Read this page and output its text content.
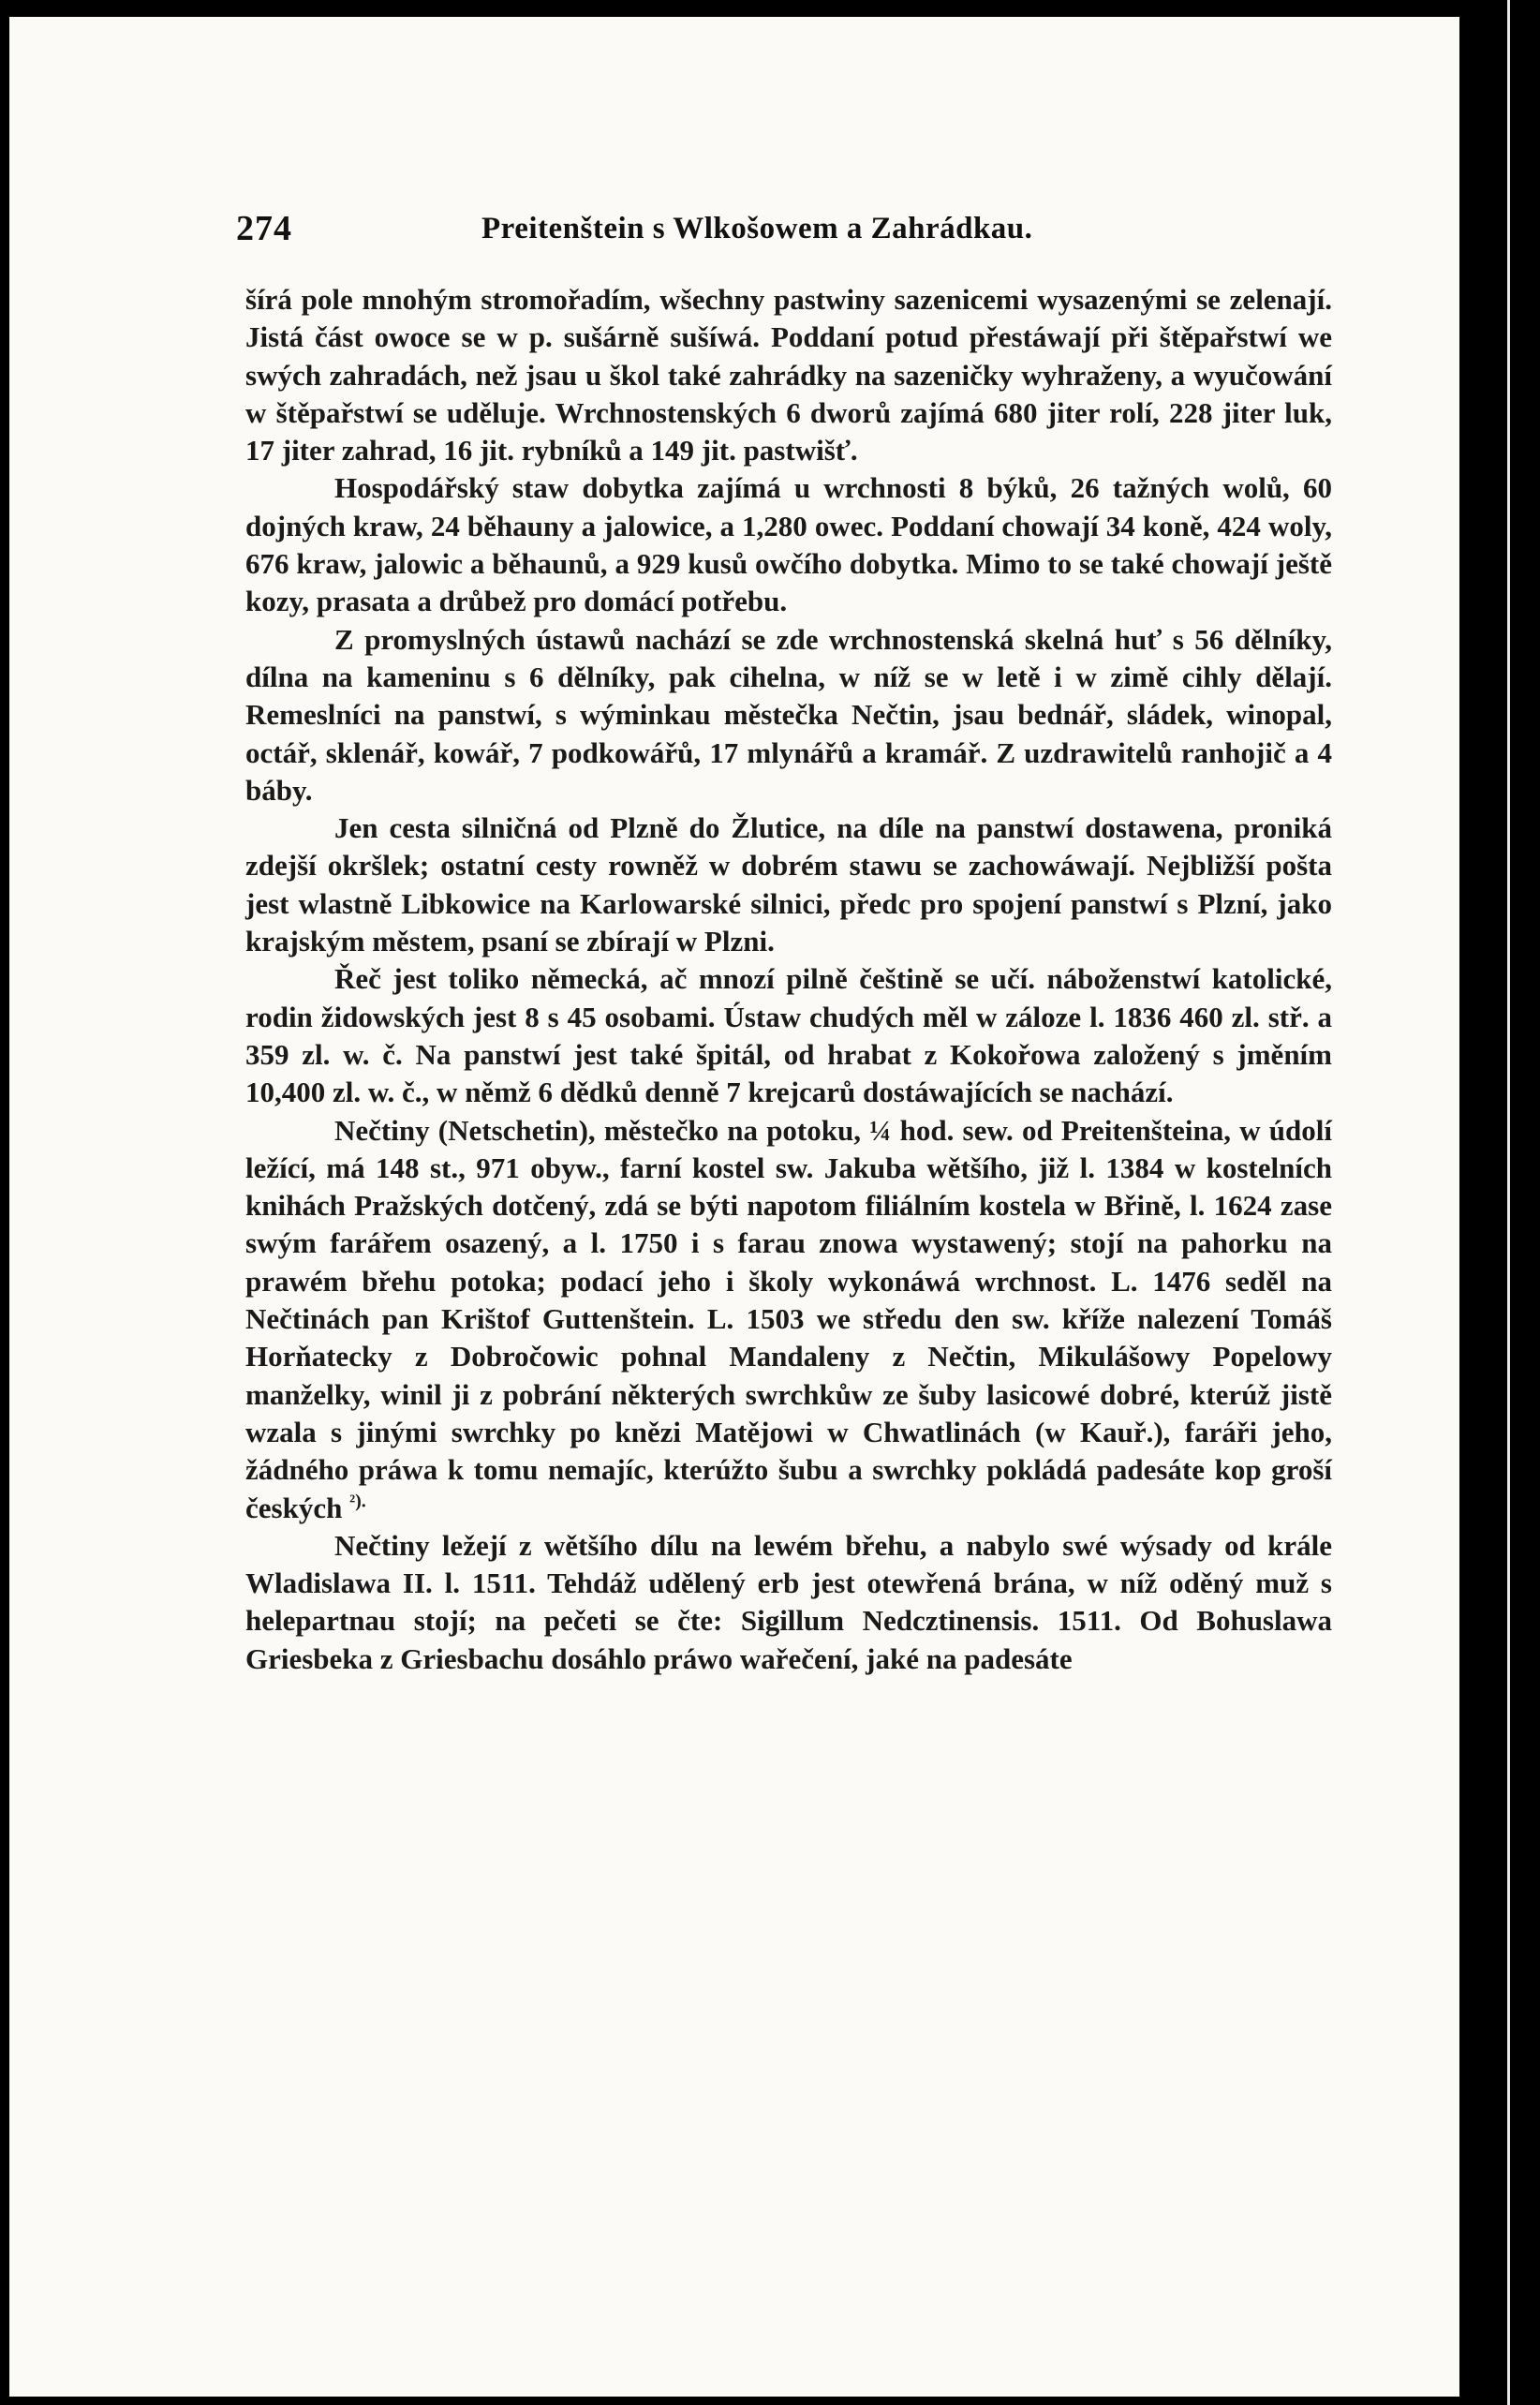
274	Preitenštein s Wlkošowem a Zahrádkau.

šírá pole mnohým stromořadím, wšechny pastwiny sazenicemi wysazenými se zelenají. Jistá část owoce se w p. sušárně sušíwá. Poddaní potud přestáwají při štěpařstwí we swých zahradách, než jsau u škol také zahrádky na sazeničky wyhraženy, a wyučowání w štěpařstwí se uděluje. Wrchnostenských 6 dworů zajímá 680 jiter rolí, 228 jiter luk, 17 jiter zahrad, 16 jit. rybníků a 149 jit. pastwišť.

Hospodářský staw dobytka zajímá u wrchnosti 8 býků, 26 tažných wolů, 60 dojných kraw, 24 běhauny a jalowice, a 1,280 owec. Poddaní chowají 34 koně, 424 woly, 676 kraw, jalowic a běhaunů, a 929 kusů owčího dobytka. Mimo to se také chowají ještě kozy, prasata a drůbež pro domácí potřebu.

Z promyslných ústawů nachází se zde wrchnostenská skelná huť s 56 dělníky, dílna na kameninu s 6 dělníky, pak cihelna, w níž se w letě i w zimě cihly dělají. Remeslníci na panstwí, s wýminkau městečka Nečtin, jsau bednář, sládek, winopal, octář, sklenář, kowář, 7 podkowářů, 17 mlynářů a kramář. Z uzdrawitelů ranhojič a 4 báby.

Jen cesta silničná od Plzně do Žlutice, na díle na panstwí dostawena, proniká zdejší okršlek; ostatní cesty rowněž w dobrém stawu se zachowáwají. Nejbližší pošta jest wlastně Libkowice na Karlowarské silnici, předc pro spojení panstwí s Plzní, jako krajským městem, psaní se zbírají w Plzni.

Řeč jest toliko německá, ač mnozí pilně češtině se učí. náboženstwí katolické, rodin židowských jest 8 s 45 osobami. Ústaw chudých měl w záloze l. 1836 460 zl. stř. a 359 zl. w. č. Na panstwí jest také špitál, od hrabat z Kokořowa založený s jměním 10,400 zl. w. č., w němž 6 dědků denně 7 krejcarů dostáwajících se nachází.

Nečtiny (Netschetin), městečko na potoku, ¼ hod. sew. od Preitenšteina, w údolí ležící, má 148 st., 971 obyw., farní kostel sw. Jakuba wětšího, již l. 1384 w kostelních knihách Pražských dotčený, zdá se býti napotom filiálním kostela w Břině, l. 1624 zase swým farářem osazený, a l. 1750 i s farau znowa wystawený; stojí na pahorku na prawém břehu potoka; podací jeho i školy wykonáwá wrchnost. L. 1476 seděl na Nečtinách pan Krištof Guttenštein. L. 1503 we středu den sw. kříže nalezení Tomáš Horňatecky z Dobročowic pohnal Mandaleny z Nečtin, Mikulášowy Popelowy manželky, winil ji z pobrání některých swrchkůw ze šuby lasicowé dobré, kterúž jistě wzala s jinými swrchky po knězi Matějowi w Chwatlinách (w Kauř.), faráři jeho, žádného práwa k tomu nemajíc, kterúžto šubu a swrchky pokládá padesáte kop groší českých $^{^2).}$

Nečtiny ležejí z wětšího dílu na lewém břehu, a nabylo swé wýsady od krále Wladislawa II. l. 1511. Tehdáž udělený erb jest otewřená brána, w níž oděný muž s helepartnau stojí; na pečeti se čte: Sigillum Nedcztinensis. 1511. Od Bohuslawa Griesbeka z Griesbachu dosáhlo práwo wařečení, jaké na padesáte
